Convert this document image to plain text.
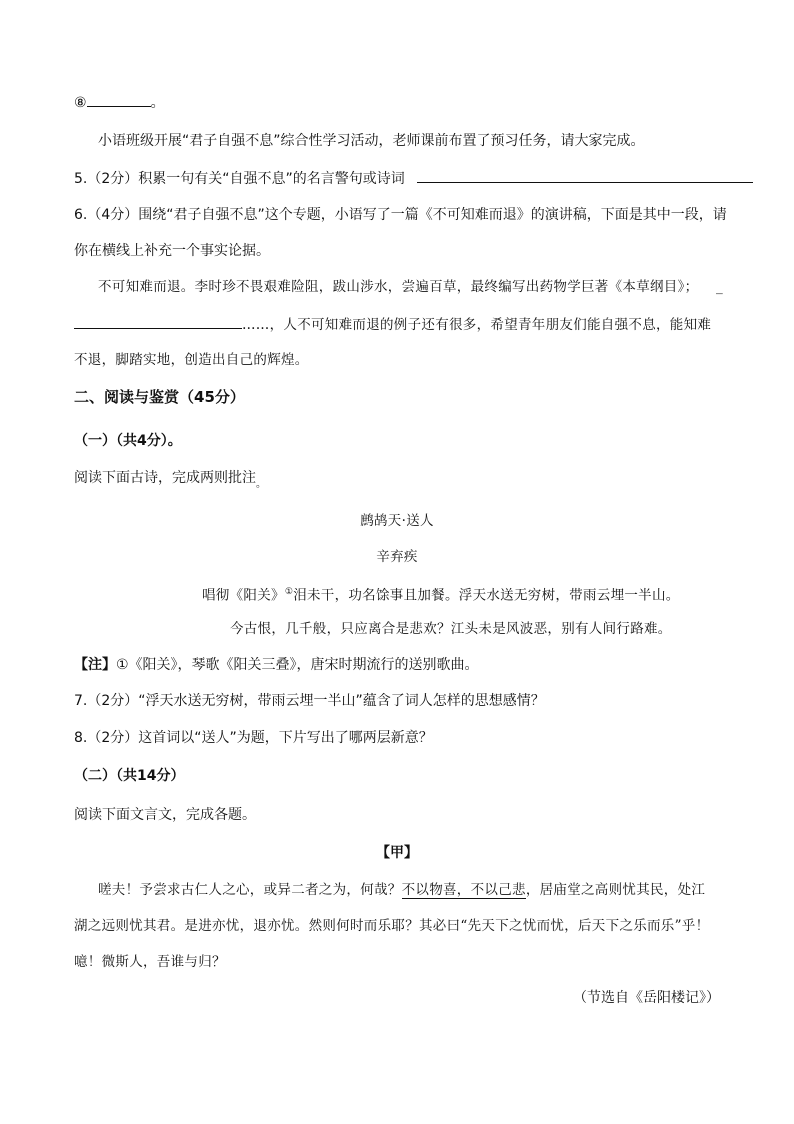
⑧	。
小语班级开展“君子自强不息”综合性学习活动，老师课前布置了预习任务，请大家完成。
5.（2分）积累一句有关“自强不息”的名言警句或诗词
6.（4分）围绕“君子自强不息”这个专题，小语写了一篇《不可知难而退》的演讲稿，下面是其中一段，请
你在横线上补充一个事实论据。
不可知难而退。李时珍不畏艰难险阻，跋山涉水，尝遍百草，最终编写出药物学巨著《本草纲目》； _
……，人不可知难而退的例子还有很多，希望青年朋友们能自强不息，能知难
不退，脚踏实地，创造出自己的辉煌。
二、阅读与鉴赏（45分）
（一）（共4分）。
阅读下面古诗，完成两则批注$_。$
鹧鸪天·送人
辛弃疾
唱彻《阳关》①泪未干，功名馀事且加餐。浮天水送无穷树，带雨云埋一半山。
今古恨，几千般，只应离合是悲欢？江头未是风波恶，别有人间行路难。
【注】①《阳关》，琴歌《阳关三叠》，唐宋时期流行的送别歌曲。
7.（2分）“浮天水送无穷树，带雨云埋一半山”蕴含了词人怎样的思想感情？
8.（2分）这首词以“送人”为题，下片写出了哪两层新意？
（二）（共14分）
阅读下面文言文，完成各题。
【甲】
嗟夫！予尝求古仁人之心，或异二者之为，何哉？不以物喜，不以己悲，居庙堂之高则忧其民，处江
湖之远则忧其君。是进亦忧，退亦忧。然则何时而乐耶？其必曰“先天下之忧而忧，后天下之乐而乐”乎！
噫！微斯人，吾谁与归？
（节选自《岳阳楼记》）
